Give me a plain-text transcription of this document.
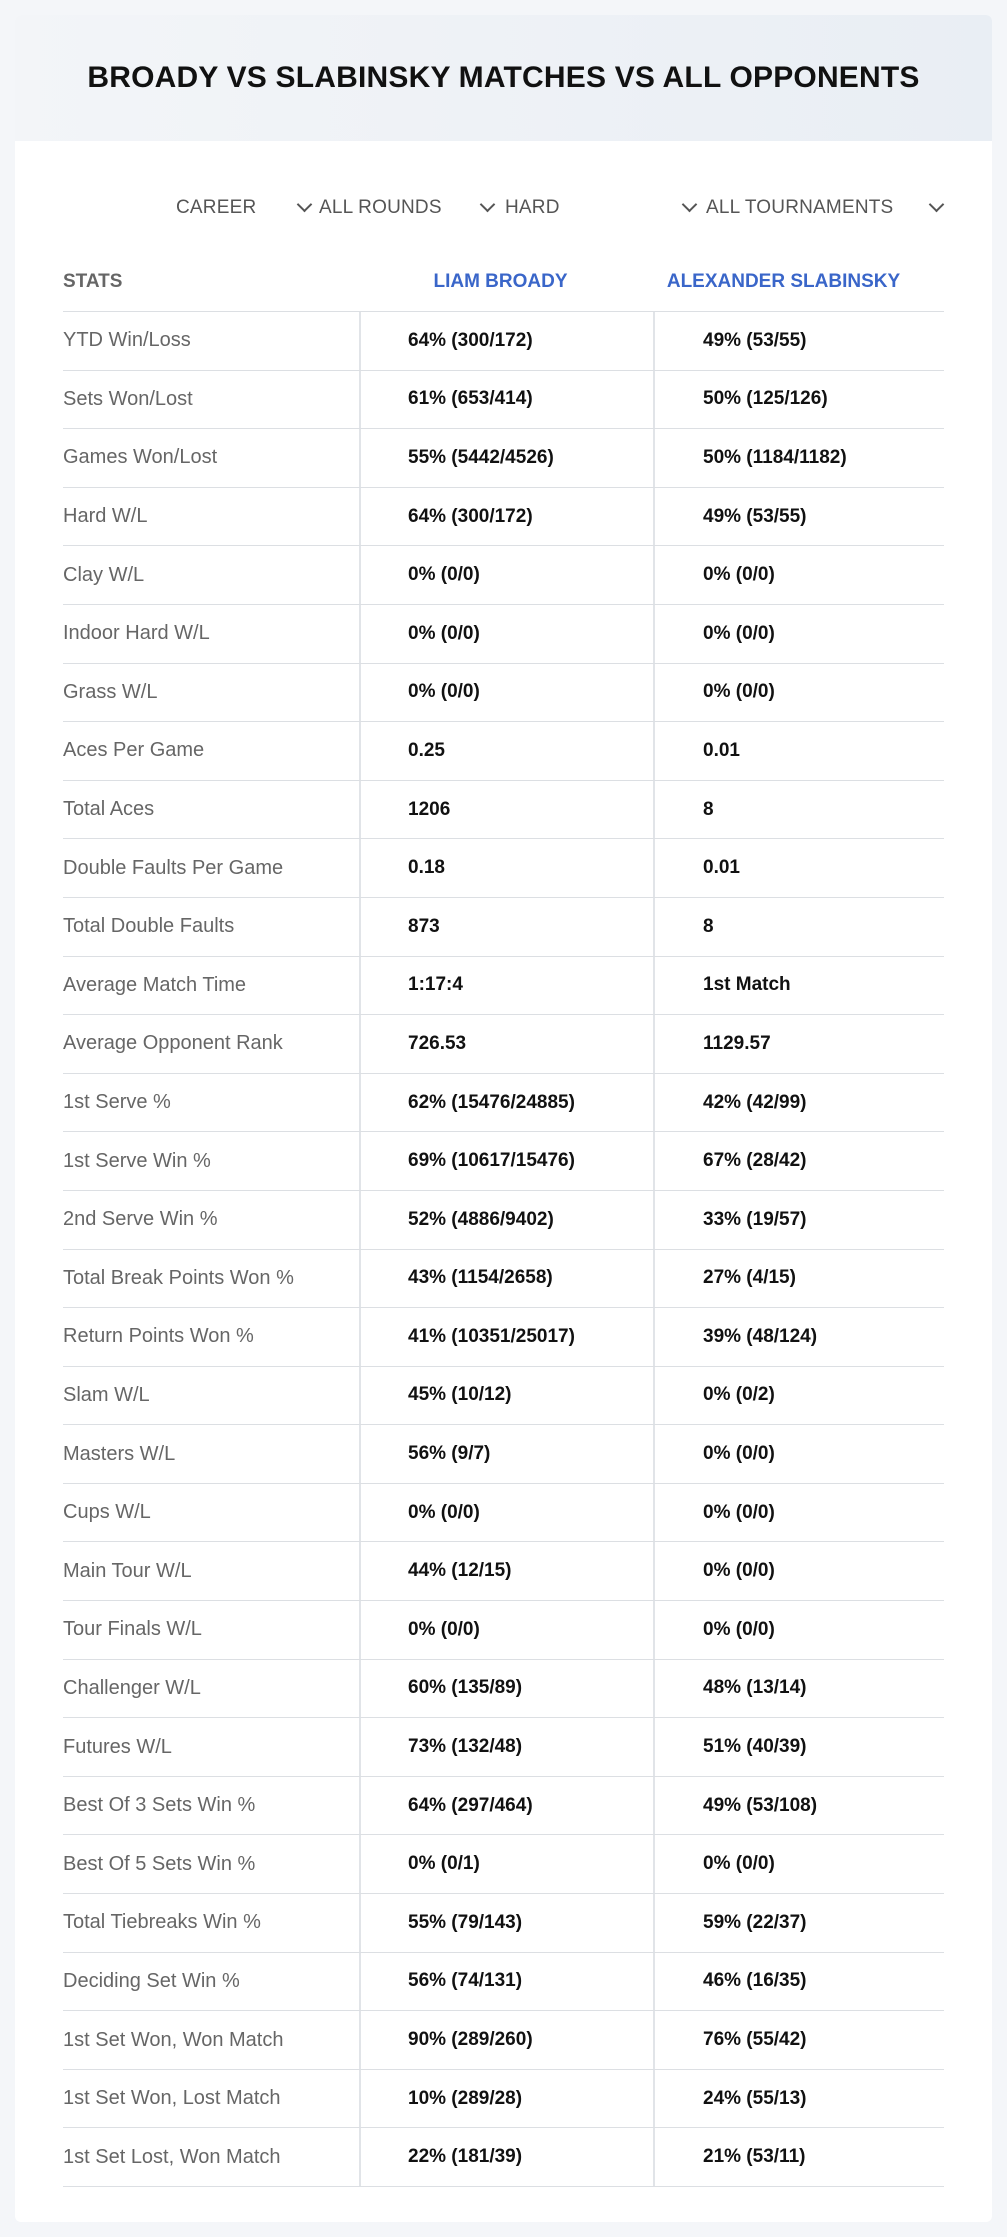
BROADY VS SLABINSKY MATCHES VS ALL OPPONENTS
CAREER	ALL ROUNDS	HARD	ALL TOURNAMENTS
STATS	LIAM BROADY	ALEXANDER SLABINSKY
YTD Win/Loss	64% (300/172)	49% (53/55)
Sets Won/Lost	61% (653/414)	50% (125/126)
Games Won/Lost	55% (5442/4526)	50% (1184/1182)
Hard W/L	64% (300/172)	49% (53/55)
Clay W/L	0% (0/0)	0% (0/0)
Indoor Hard W/L	0% (0/0)	0% (0/0)
Grass W/L	0% (0/0)	0% (0/0)
Aces Per Game	0.25	0.01
Total Aces	1206	8
Double Faults Per Game	0.18	0.01
Total Double Faults	873	8
Average Match Time	1:17:4	1st Match
Average Opponent Rank	726.53	1129.57
1st Serve %	62% (15476/24885)	42% (42/99)
1st Serve Win %	69% (10617/15476)	67% (28/42)
2nd Serve Win %	52% (4886/9402)	33% (19/57)
Total Break Points Won %	43% (1154/2658)	27% (4/15)
Return Points Won %	41% (10351/25017)	39% (48/124)
Slam W/L	45% (10/12)	0% (0/2)
Masters W/L	56% (9/7)	0% (0/0)
Cups W/L	0% (0/0)	0% (0/0)
Main Tour W/L	44% (12/15)	0% (0/0)
Tour Finals W/L	0% (0/0)	0% (0/0)
Challenger W/L	60% (135/89)	48% (13/14)
Futures W/L	73% (132/48)	51% (40/39)
Best Of 3 Sets Win %	64% (297/464)	49% (53/108)
Best Of 5 Sets Win %	0% (0/1)	0% (0/0)
Total Tiebreaks Win %	55% (79/143)	59% (22/37)
Deciding Set Win %	56% (74/131)	46% (16/35)
1st Set Won, Won Match	90% (289/260)	76% (55/42)
1st Set Won, Lost Match	10% (289/28)	24% (55/13)
1st Set Lost, Won Match	22% (181/39)	21% (53/11)
